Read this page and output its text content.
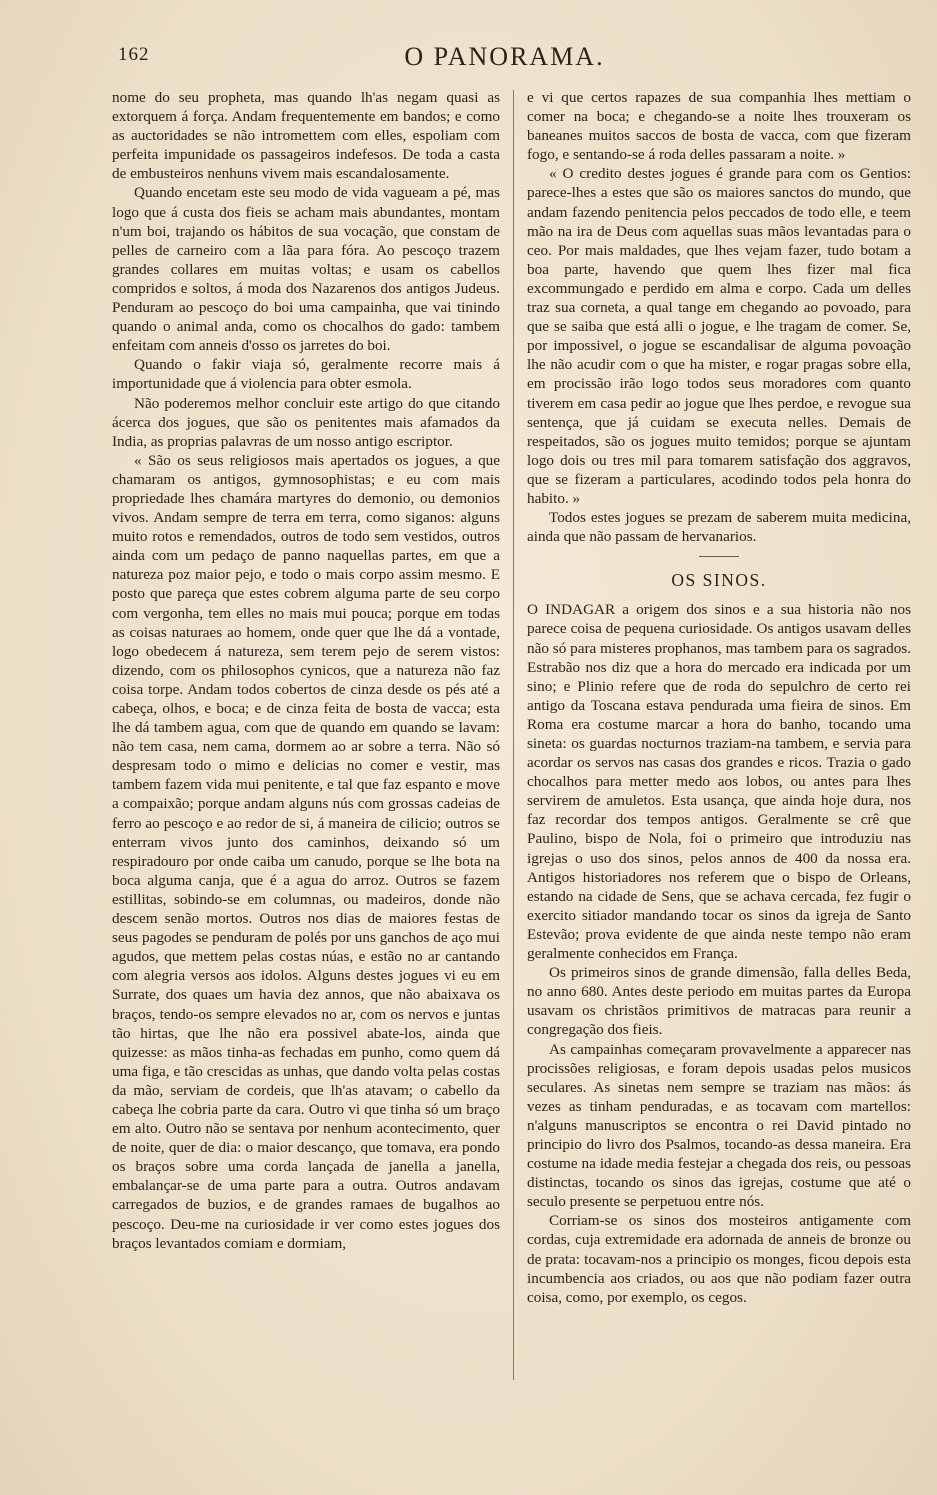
162	O PANORAMA.

nome do seu propheta, mas quando lh'as negam quasi as extorquem á força. Andam frequentemente em bandos; e como as auctoridades se não intromettem com elles, espoliam com perfeita impunidade os passageiros indefesos. De toda a casta de embusteiros nenhuns vivem mais escandalosamente.

Quando encetam este seu modo de vida vagueam a pé, mas logo que á custa dos fieis se acham mais abundantes, montam n'um boi, trajando os hábitos de sua vocação, que constam de pelles de carneiro com a lãa para fóra. Ao pescoço trazem grandes collares em muitas voltas; e usam os cabellos compridos e soltos, á moda dos Nazarenos dos antigos Judeus. Penduram ao pescoço do boi uma campainha, que vai tinindo quando o animal anda, como os chocalhos do gado: tambem enfeitam com anneis d'osso os jarretes do boi.

Quando o fakir viaja só, geralmente recorre mais á importunidade que á violencia para obter esmola.

Não poderemos melhor concluir este artigo do que citando ácerca dos jogues, que são os penitentes mais afamados da India, as proprias palavras de um nosso antigo escriptor.

« São os seus religiosos mais apertados os jogues, a que chamaram os antigos, gymnosophistas; e eu com mais propriedade lhes chamára martyres do demonio, ou demonios vivos. Andam sempre de terra em terra, como siganos: alguns muito rotos e remendados, outros de todo sem vestidos, outros ainda com um pedaço de panno naquellas partes, em que a natureza poz maior pejo, e todo o mais corpo assim mesmo. E posto que pareça que estes cobrem alguma parte de seu corpo com vergonha, tem elles no mais mui pouca; porque em todas as coisas naturaes ao homem, onde quer que lhe dá a vontade, logo obedecem á natureza, sem terem pejo de serem vistos: dizendo, com os philosophos cynicos, que a natureza não faz coisa torpe. Andam todos cobertos de cinza desde os pés até a cabeça, olhos, e boca; e de cinza feita de bosta de vacca; esta lhe dá tambem agua, com que de quando em quando se lavam: não tem casa, nem cama, dormem ao ar sobre a terra. Não só despresam todo o mimo e delicias no comer e vestir, mas tambem fazem vida mui penitente, e tal que faz espanto e move a compaixão; porque andam alguns nús com grossas cadeias de ferro ao pescoço e ao redor de si, á maneira de cilicio; outros se enterram vivos junto dos caminhos, deixando só um respiradouro por onde caiba um canudo, porque se lhe bota na boca alguma canja, que é a agua do arroz. Outros se fazem estillitas, sobindo-se em columnas, ou madeiros, donde não descem senão mortos. Outros nos dias de maiores festas de seus pagodes se penduram de polés por uns ganchos de aço mui agudos, que mettem pelas costas núas, e estão no ar cantando com alegria versos aos idolos. Alguns destes jogues vi eu em Surrate, dos quaes um havia dez annos, que não abaixava os braços, tendo-os sempre elevados no ar, com os nervos e juntas tão hirtas, que lhe não era possivel abate-los, ainda que quizesse: as mãos tinha-as fechadas em punho, como quem dá uma figa, e tão crescidas as unhas, que dando volta pelas costas da mão, serviam de cordeis, que lh'as atavam; o cabello da cabeça lhe cobria parte da cara. Outro vi que tinha só um braço em alto. Outro não se sentava por nenhum acontecimento, quer de noite, quer de dia: o maior descanço, que tomava, era pondo os braços sobre uma corda lançada de janella a janella, embalançar-se de uma parte para a outra. Outros andavam carregados de buzios, e de grandes ramaes de bugalhos ao pescoço. Deu-me na curiosidade ir ver como estes jogues dos braços levantados comiam e dormiam,

e vi que certos rapazes de sua companhia lhes mettiam o comer na boca; e chegando-se a noite lhes trouxeram os baneanes muitos saccos de bosta de vacca, com que fizeram fogo, e sentando-se á roda delles passaram a noite. »

« O credito destes jogues é grande para com os Gentios: parece-lhes a estes que são os maiores sanctos do mundo, que andam fazendo penitencia pelos peccados de todo elle, e teem mão na ira de Deus com aquellas suas mãos levantadas para o ceo. Por mais maldades, que lhes vejam fazer, tudo botam a boa parte, havendo que quem lhes fizer mal fica excommungado e perdido em alma e corpo. Cada um delles traz sua corneta, a qual tange em chegando ao povoado, para que se saiba que está alli o jogue, e lhe tragam de comer. Se, por impossivel, o jogue se escandalisar de alguma povoação lhe não acudir com o que ha mister, e rogar pragas sobre ella, em procissão irão logo todos seus moradores com quanto tiverem em casa pedir ao jogue que lhes perdoe, e revogue sua sentença, que já cuidam se executa nelles. Demais de respeitados, são os jogues muito temidos; porque se ajuntam logo dois ou tres mil para tomarem satisfação dos aggravos, que se fizeram a particulares, acodindo todos pela honra do habito. »

Todos estes jogues se prezam de saberem muita medicina, ainda que não passam de hervanarios.

OS SINOS.

O INDAGAR a origem dos sinos e a sua historia não nos parece coisa de pequena curiosidade. Os antigos usavam delles não só para misteres prophanos, mas tambem para os sagrados. Estrabão nos diz que a hora do mercado era indicada por um sino; e Plinio refere que de roda do sepulchro de certo rei antigo da Toscana estava pendurada uma fieira de sinos. Em Roma era costume marcar a hora do banho, tocando uma sineta: os guardas nocturnos traziam-na tambem, e servia para acordar os servos nas casas dos grandes e ricos. Trazia o gado chocalhos para metter medo aos lobos, ou antes para lhes servirem de amuletos. Esta usança, que ainda hoje dura, nos faz recordar dos tempos antigos. Geralmente se crê que Paulino, bispo de Nola, foi o primeiro que introduziu nas igrejas o uso dos sinos, pelos annos de 400 da nossa era. Antigos historiadores nos referem que o bispo de Orleans, estando na cidade de Sens, que se achava cercada, fez fugir o exercito sitiador mandando tocar os sinos da igreja de Santo Estevão; prova evidente de que ainda neste tempo não eram geralmente conhecidos em França.

Os primeiros sinos de grande dimensão, falla delles Beda, no anno 680. Antes deste periodo em muitas partes da Europa usavam os christãos primitivos de matracas para reunir a congregação dos fieis.

As campainhas começaram provavelmente a apparecer nas procissões religiosas, e foram depois usadas pelos musicos seculares. As sinetas nem sempre se traziam nas mãos: ás vezes as tinham penduradas, e as tocavam com martellos: n'alguns manuscriptos se encontra o rei David pintado no principio do livro dos Psalmos, tocando-as dessa maneira. Era costume na idade media festejar a chegada dos reis, ou pessoas distinctas, tocando os sinos das igrejas, costume que até o seculo presente se perpetuou entre nós.

Corriam-se os sinos dos mosteiros antigamente com cordas, cuja extremidade era adornada de anneis de bronze ou de prata: tocavam-nos a principio os monges, ficou depois esta incumbencia aos criados, ou aos que não podiam fazer outra coisa, como, por exemplo, os cegos.
